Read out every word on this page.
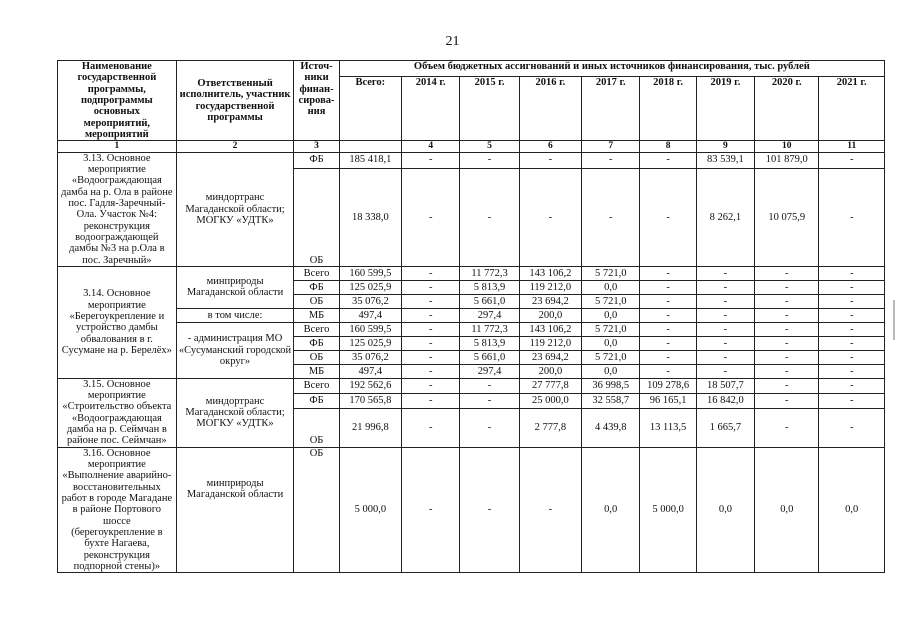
21
Наименование государственной программы, подпрограммы основных мероприятий, мероприятий	Ответственный исполнитель, участник государственной программы	Источ-ники финан-сирова-ния	Объем бюджетных ассигнований и иных источников финансирования, тыс. рублей								
			Всего:	2014 г.	2015 г.	2016 г.	2017 г.	2018 г.	2019 г.	2020 г.	2021 г.
1	2	3		4	5	6	7	8	9	10	11
3.13. Основное мероприятие «Водоограждающая дамба на р. Ола в районе пос. Гадля-Заречный-Ола. Участок №4: реконструкция водоограждающей дамбы №3 на р.Ола в пос. Заречный»	миндортранс Магаданской области; МОГКУ «УДТК»	ФБ	185 418,1	-	-	-	-	-	83 539,1	101 879,0	-
		ОБ	18 338,0	-	-	-	-	-	8 262,1	10 075,9	-
3.14. Основное мероприятие «Берегоукрепление и устройство дамбы обвалования в г. Сусумане на р. Берелёх»	минприроды Магаданской области	Всего	160 599,5	-	11 772,3	143 106,2	5 721,0	-	-	-	-
		ФБ	125 025,9	-	5 813,9	119 212,0	0,0	-	-	-	-
		ОБ	35 076,2	-	5 661,0	23 694,2	5 721,0	-	-	-	-
	в том числе:	МБ	497,4	-	297,4	200,0	0,0	-	-	-	-
	- администрация МО «Сусуманский городской округ»	Всего	160 599,5	-	11 772,3	143 106,2	5 721,0	-	-	-	-
		ФБ	125 025,9	-	5 813,9	119 212,0	0,0	-	-	-	-
		ОБ	35 076,2	-	5 661,0	23 694,2	5 721,0	-	-	-	-
		МБ	497,4	-	297,4	200,0	0,0	-	-	-	-
3.15. Основное мероприятие «Строительство объекта «Водоограждающая дамба на р. Сеймчан в районе пос. Сеймчан»	миндортранс Магаданской области; МОГКУ «УДТК»	Всего	192 562,6	-	-	27 777,8	36 998,5	109 278,6	18 507,7	-	-
		ФБ	170 565,8	-	-	25 000,0	32 558,7	96 165,1	16 842,0	-	-
		ОБ	21 996,8	-	-	2 777,8	4 439,8	13 113,5	1 665,7	-	-
3.16. Основное мероприятие «Выполнение аварийно-восстановительных работ в городе Магадане в районе Портового шоссе (берегоукрепление в бухте Нагаева, реконструкция подпорной стены)»	минприроды Магаданской области	ОБ	5 000,0	-	-	-	0,0	5 000,0	0,0	0,0	0,0
